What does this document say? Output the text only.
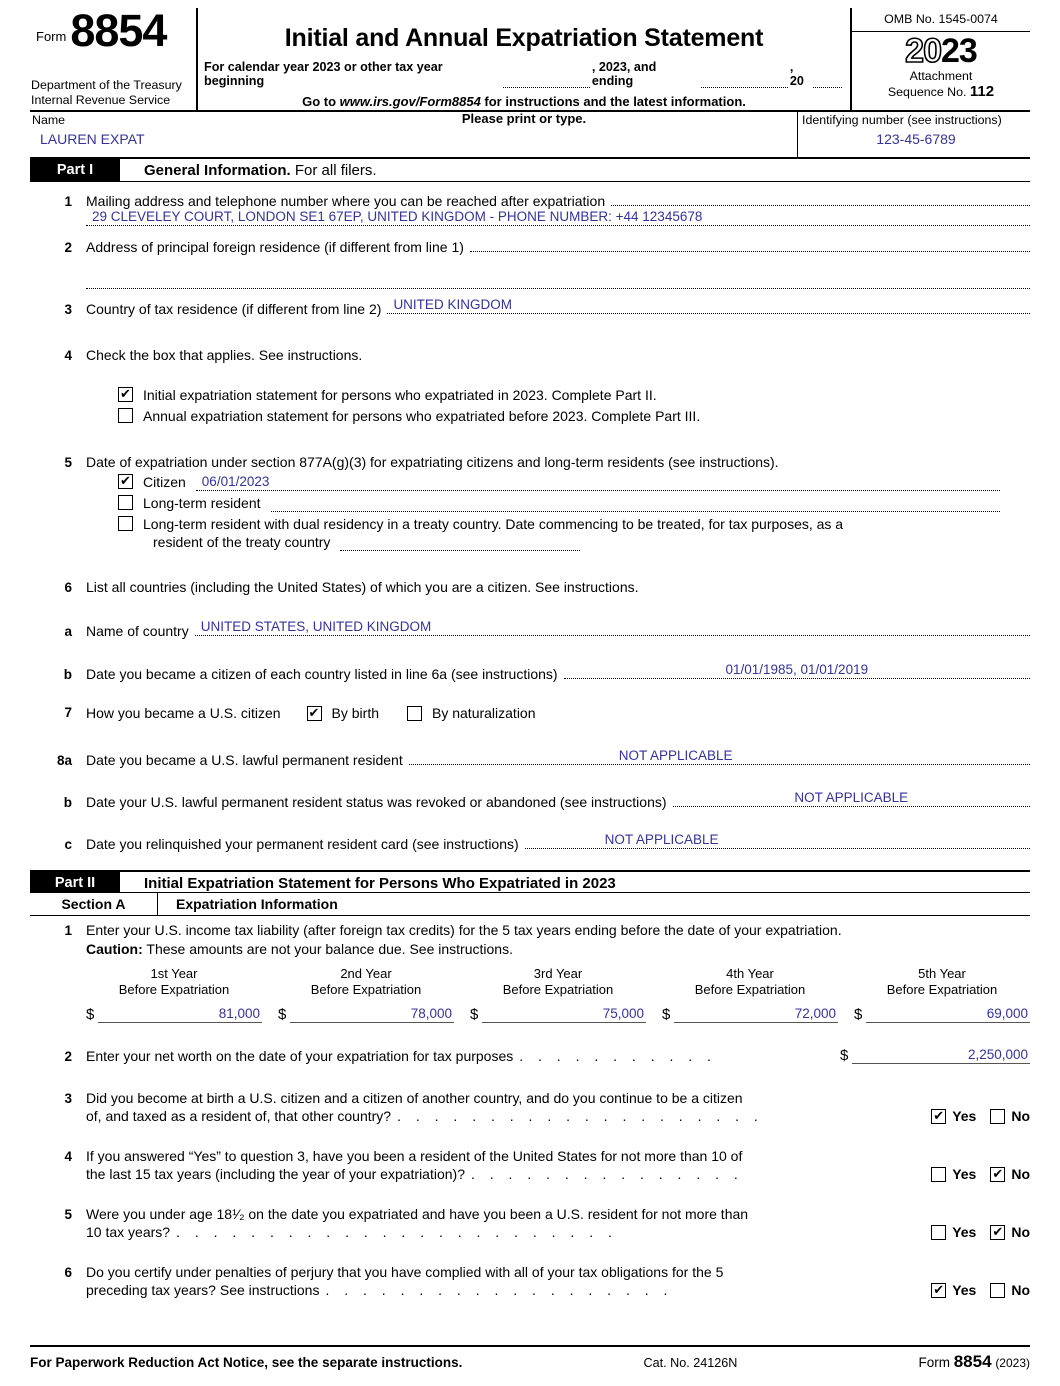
Form 8854
Department of the Treasury
Internal Revenue Service
Initial and Annual Expatriation Statement
For calendar year 2023 or other tax year beginning
, 2023, and ending
, 20
Go to www.irs.gov/Form8854 for instructions and the latest information.
Please print or type.
OMB No. 1545-0074
2023
Attachment
Sequence No. 112
Name
LAUREN EXPAT
Identifying number (see instructions)
123-45-6789
Part I	General Information. For all filers.
1	Mailing address and telephone number where you can be reached after expatriation
29 CLEVELEY COURT, LONDON SE1 67EP, UNITED KINGDOM - PHONE NUMBER: +44 12345678
2	Address of principal foreign residence (if different from line 1)
3	Country of tax residence (if different from line 2) UNITED KINGDOM
4	Check the box that applies. See instructions.
✔
Initial expatriation statement for persons who expatriated in 2023. Complete Part II.
Annual expatriation statement for persons who expatriated before 2023. Complete Part III.
5	Date of expatriation under section 877A(g)(3) for expatriating citizens and long-term residents (see instructions).
✔
Citizen 06/01/2023
Long-term resident
Long-term resident with dual residency in a treaty country. Date commencing to be treated, for tax purposes, as a
resident of the treaty country
6	List all countries (including the United States) of which you are a citizen. See instructions.
a	Name of country UNITED STATES, UNITED KINGDOM
b	Date you became a citizen of each country listed in line 6a (see instructions)	01/01/1985, 01/01/2019
7	How you became a U.S. citizen ✔	By birth	By naturalization
8a	Date you became a U.S. lawful permanent resident	NOT APPLICABLE
b	Date your U.S. lawful permanent resident status was revoked or abandoned (see instructions)	NOT APPLICABLE
c	Date you relinquished your permanent resident card (see instructions)	NOT APPLICABLE
Part II	Initial Expatriation Statement for Persons Who Expatriated in 2023
Section A	Expatriation Information
1	Enter your U.S. income tax liability (after foreign tax credits) for the 5 tax years ending before the date of your expatriation.
Caution: These amounts are not your balance due. See instructions.
1st Year
Before Expatriation
$	81,000
2nd Year
Before Expatriation
$	78,000
3rd Year
Before Expatriation
$	75,000
4th Year
Before Expatriation
$	72,000
5th Year
Before Expatriation
$	69,000
2	Enter your net worth on the date of your expatriation for tax purposes . . . . . . . . . . .	$	2,250,000
3	Did you become at birth a U.S. citizen and a citizen of another country, and do you continue to be a citizen
of, and taxed as a resident of, that other country? . . . . . . . . . . . . . . . . . . . . ✔	Yes	No
4	If you answered “Yes” to question 3, have you been a resident of the United States for not more than 10 of
the last 15 tax years (including the year of your expatriation)? . . . . . . . . . . . . . . .	Yes ✔	No
5	Were you under age 18¹⁄₂ on the date you expatriated and have you been a U.S. resident for not more than
10 tax years? . . . . . . . . . . . . . . . . . . . . . . . .	Yes ✔	No
6	Do you certify under penalties of perjury that you have complied with all of your tax obligations for the 5
preceding tax years? See instructions . . . . . . . . . . . . . . . . . . . ✔	Yes	No
For Paperwork Reduction Act Notice, see the separate instructions.	Cat. No. 24126N	Form 8854 (2023)
